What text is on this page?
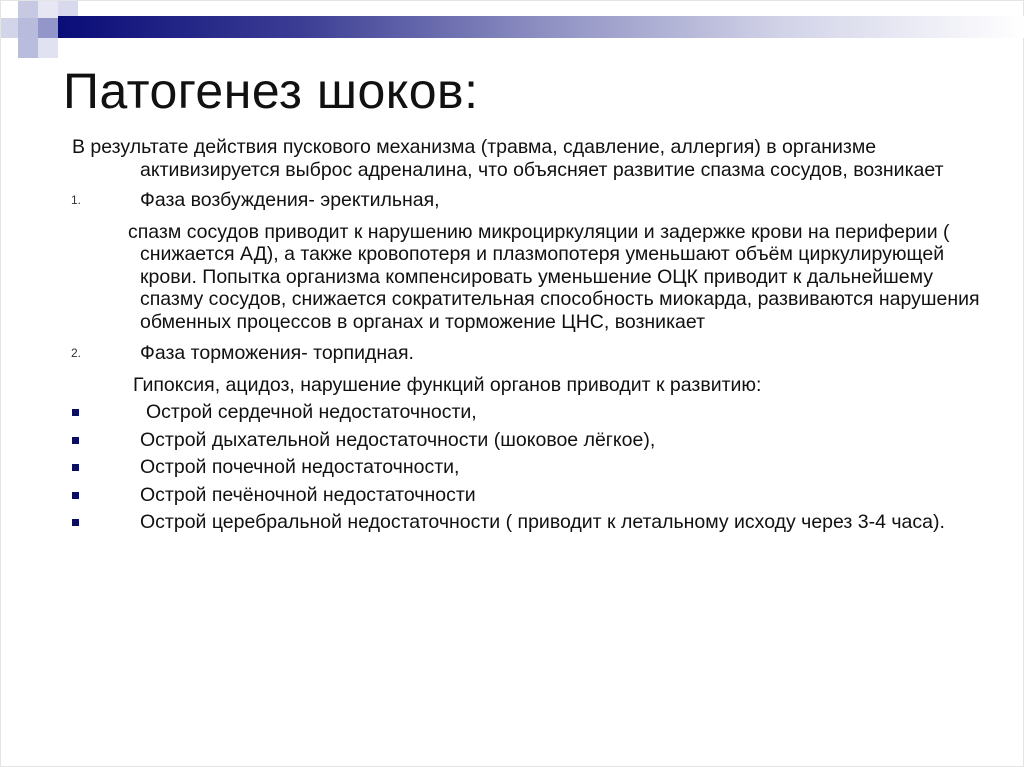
Патогенез шоков:

В результате действия пускового механизма (травма, сдавление, аллергия) в организме активизируется выброс адреналина, что объясняет развитие спазма сосудов, возникает

1.	Фаза возбуждения- эректильная,

спазм сосудов приводит к нарушению микроциркуляции и задержке крови на периферии ( снижается АД), а также кровопотеря и плазмопотеря уменьшают объём циркулирующей крови. Попытка организма компенсировать уменьшение ОЦК приводит к дальнейшему спазму сосудов, снижается сократительная способность миокарда, развиваются нарушения обменных процессов в органах и торможение ЦНС, возникает

2.	Фаза торможения- торпидная.

Гипоксия, ацидоз, нарушение функций органов приводит к развитию:

Острой сердечной недостаточности,
Острой дыхательной недостаточности (шоковое лёгкое),
Острой почечной недостаточности,
Острой печёночной недостаточности
Острой церебральной недостаточности ( приводит к летальному исходу через 3-4 часа).
